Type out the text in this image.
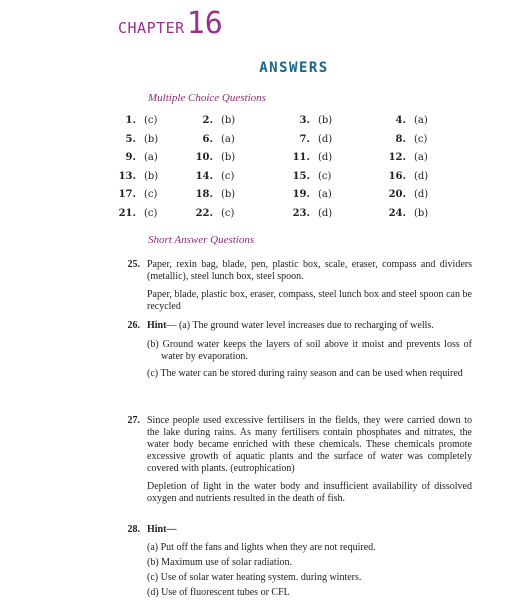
CHAPTER16
ANSWERS
Multiple Choice Questions
1. (c)	2. (b)	3. (b)	4. (a)
5. (b)	6. (a)	7. (d)	8. (c)
9. (a)	10. (b)	11. (d)	12. (a)
13. (b)	14. (c)	15. (c)	16. (d)
17. (c)	18. (b)	19. (a)	20. (d)
21. (c)	22. (c)	23. (d)	24. (b)
Short Answer Questions
25. Paper, rexin bag, blade, pen, plastic box, scale, eraser, compass and dividers (metallic), steel lunch box, steel spoon.
Paper, blade, plastic box, eraser, compass, steel lunch box and steel spoon can be recycled
26. Hint— (a) The ground water level increases due to recharging of wells.
(b) Ground water keeps the layers of soil above it moist and prevents loss of water by evaporation.
(c) The water can be stored during rainy season and can be used when required
27. Since people used excessive fertilisers in the fields, they were carried down to the lake during rains. As many fertilisers contain phosphates and nitrates, the water body became enriched with these chemicals. These chemicals promote excessive growth of aquatic plants and the surface of water was completely covered with plants. (eutrophication)
Depletion of light in the water body and insufficient availability of dissolved oxygen and nutrients resulted in the death of fish.
28. Hint—
(a) Put off the fans and lights when they are not required.
(b) Maximum use of solar radiation.
(c) Use of solar water heating system. during winters.
(d) Use of fluorescent tubes or CFL
